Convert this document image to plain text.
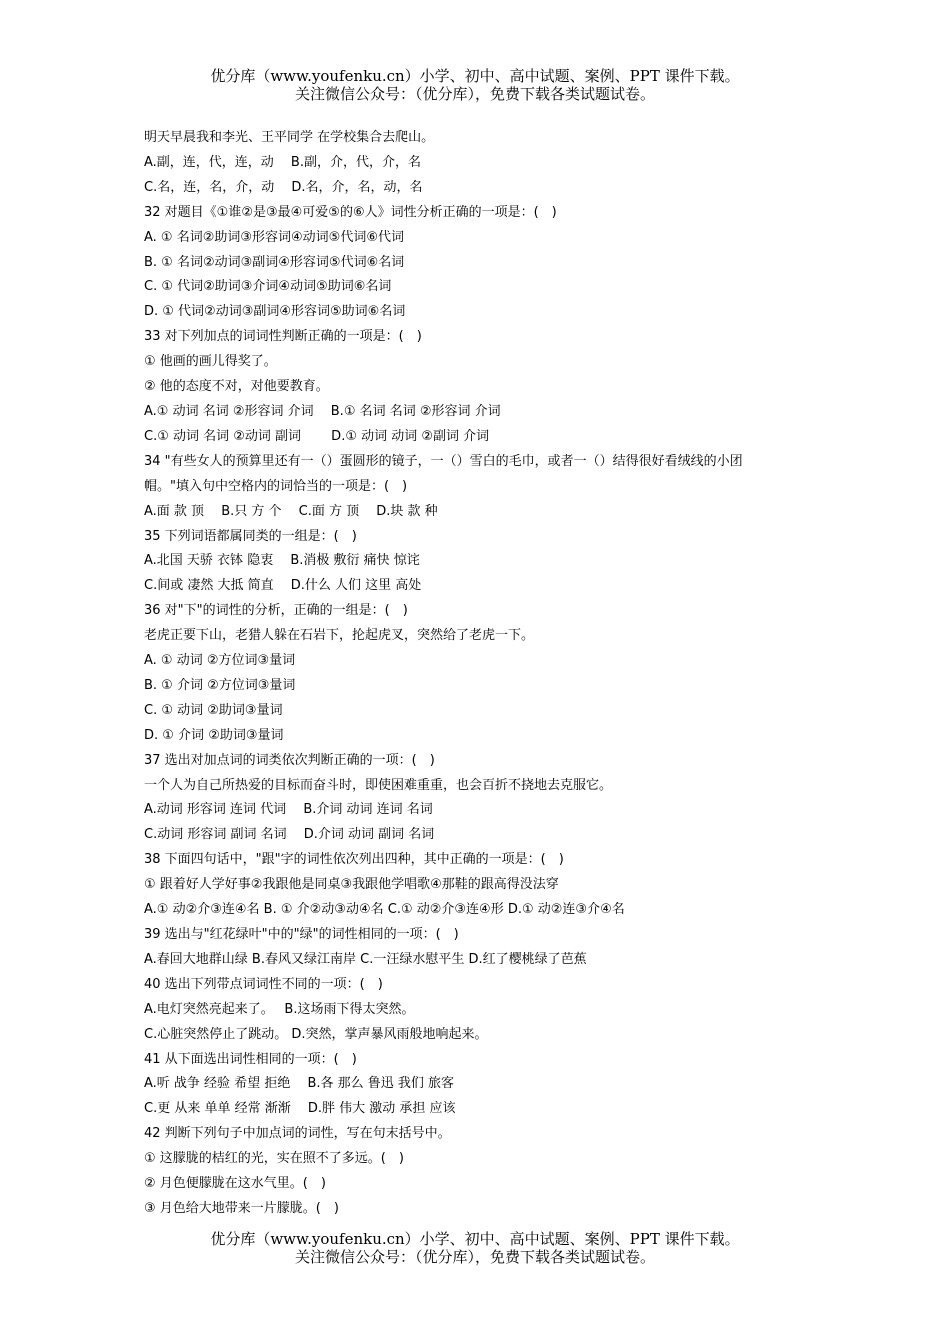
优分库（www.youfenku.cn）小学、初中、高中试题、案例、PPT 课件下载。
关注微信公众号：（优分库），免费下载各类试题试卷。
明天早晨我和李光、王平同学 在学校集合去爬山。
A.副，连，代，连，动　 B.副，介，代，介，名
C.名，连，名，介，动　 D.名，介，名，动，名
32 对题目《①谁②是③最④可爱⑤的⑥人》词性分析正确的一项是：(　)
A. ① 名词②助词③形容词④动词⑤代词⑥代词
B. ① 名词②动词③副词④形容词⑤代词⑥名词
C. ① 代词②助词③介词④动词⑤助词⑥名词
D. ① 代词②动词③副词④形容词⑤助词⑥名词
33 对下列加点的词词性判断正确的一项是：(　)
① 他画的画儿得奖了。
② 他的态度不对，对他要教育。
A.① 动词 名词 ②形容词 介词　 B.① 名词 名词 ②形容词 介词
C.① 动词 名词 ②动词 副词　　 D.① 动词 动词 ②副词 介词
34 "有些女人的预算里还有一（）蛋圆形的镜子，一（）雪白的毛巾，或者一（）结得很好看绒线的小团
帽。"填入句中空格内的词恰当的一项是：(　)
A.面 款 顶　 B.只 方 个　 C.面 方 顶　 D.块 款 种
35 下列词语都属同类的一组是：(　)
A.北国 天骄 衣钵 隐衷　 B.消极 敷衍 痛快 惊诧
C.间或 凄然 大抵 简直　 D.什么 人们 这里 高处
36 对"下"的词性的分析，正确的一组是：(　)
老虎正要下山，老猎人躲在石岩下，抡起虎叉，突然给了老虎一下。
A. ① 动词 ②方位词③量词
B. ① 介词 ②方位词③量词
C. ① 动词 ②助词③量词
D. ① 介词 ②助词③量词
37 选出对加点词的词类依次判断正确的一项：(　)
一个人为自己所热爱的目标而奋斗时，即使困难重重，也会百折不挠地去克服它。
A.动词 形容词 连词 代词　 B.介词 动词 连词 名词
C.动词 形容词 副词 名词　 D.介词 动词 副词 名词
38 下面四句话中，"跟"字的词性依次列出四种，其中正确的一项是：(　)
① 跟着好人学好事②我跟他是同桌③我跟他学唱歌④那鞋的跟高得没法穿
A.① 动②介③连④名 B. ① 介②动③动④名 C.① 动②介③连④形 D.① 动②连③介④名
39 选出与"红花绿叶"中的"绿"的词性相同的一项：(　)
A.春回大地群山绿 B.春风又绿江南岸 C.一汪绿水慰平生 D.红了樱桃绿了芭蕉
40 选出下列带点词词性不同的一项：(　)
A.电灯突然亮起来了。　 B.这场雨下得太突然。
C.心脏突然停止了跳动。 D.突然，掌声暴风雨般地响起来。
41 从下面选出词性相同的一项：(　)
A.听 战争 经验 希望 拒绝　 B.各 那么 鲁迅 我们 旅客
C.更 从来 单单 经常 渐渐　 D.胖 伟大 激动 承担 应该
42 判断下列句子中加点词的词性，写在句末括号中。
① 这朦胧的桔红的光，实在照不了多远。(　)
② 月色便朦胧在这水气里。(　)
③ 月色给大地带来一片朦胧。(　)
优分库（www.youfenku.cn）小学、初中、高中试题、案例、PPT 课件下载。
关注微信公众号：（优分库），免费下载各类试题试卷。
